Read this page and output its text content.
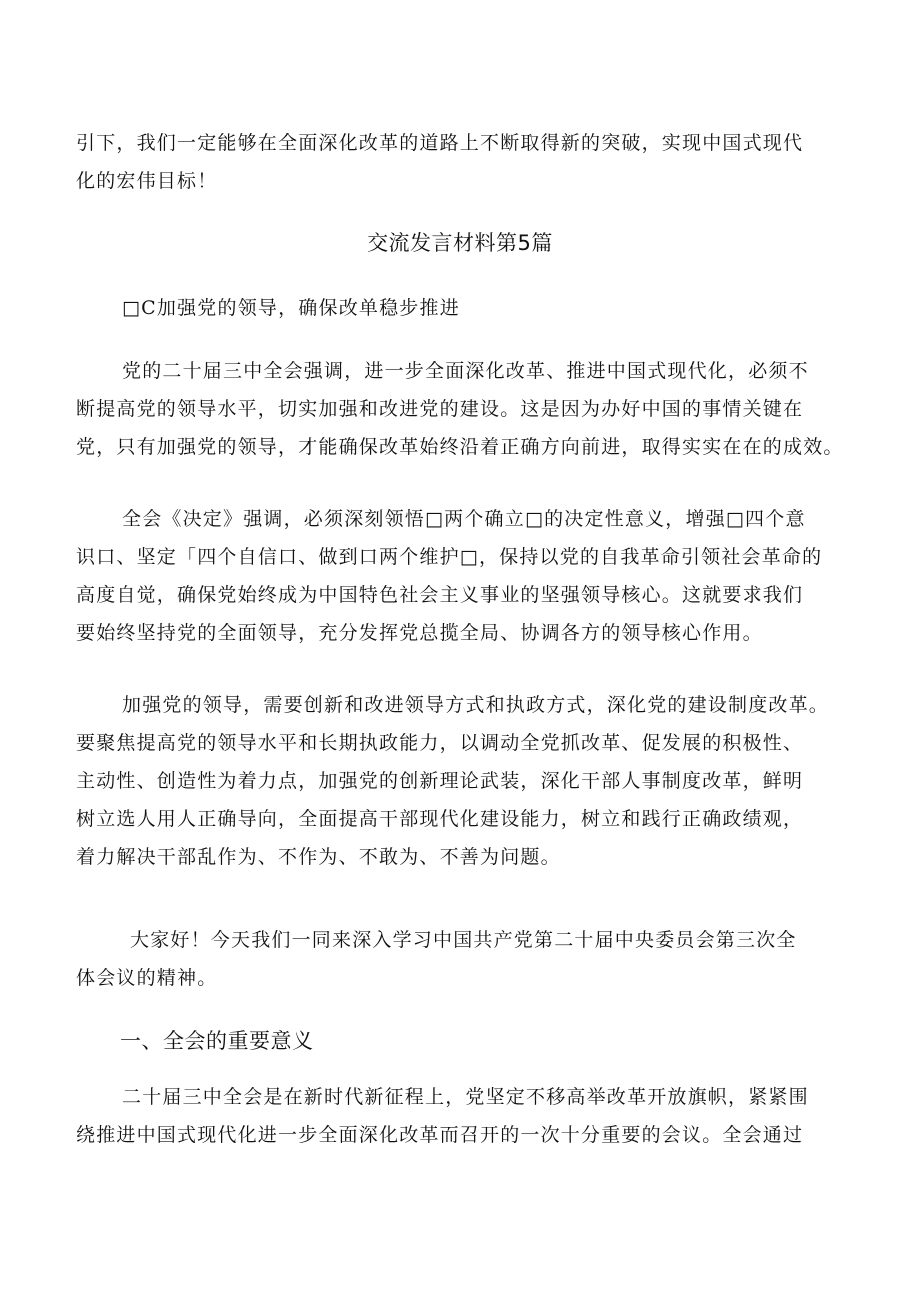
引下，我们一定能够在全面深化改革的道路上不断取得新的突破，实现中国式现代
化的宏伟目标！

交流发言材料第5篇

□C加强党的领导，确保改单稳步推进

党的二十届三中全会强调，进一步全面深化改革、推进中国式现代化，必须不
断提高党的领导水平，切实加强和改进党的建设。这是因为办好中国的事情关键在
党，只有加强党的领导，才能确保改革始终沿着正确方向前进，取得实实在在的成效。

全会《决定》强调，必须深刻领悟□两个确立□的决定性意义，增强□四个意
识口、坚定「四个自信口、做到口两个维护□，保持以党的自我革命引领社会革命的
高度自觉，确保党始终成为中国特色社会主义事业的坚强领导核心。这就要求我们
要始终坚持党的全面领导，充分发挥党总揽全局、协调各方的领导核心作用。

加强党的领导，需要创新和改进领导方式和执政方式，深化党的建设制度改革。
要聚焦提高党的领导水平和长期执政能力，以调动全党抓改革、促发展的积极性、
主动性、创造性为着力点，加强党的创新理论武装，深化干部人事制度改革，鲜明
树立选人用人正确导向，全面提高干部现代化建设能力，树立和践行正确政绩观，
着力解决干部乱作为、不作为、不敢为、不善为问题。

大家好！今天我们一同来深入学习中国共产党第二十届中央委员会第三次全
体会议的精神。

一、全会的重要意义

二十届三中全会是在新时代新征程上，党坚定不移高举改革开放旗帜，紧紧围
绕推进中国式现代化进一步全面深化改革而召开的一次十分重要的会议。全会通过
